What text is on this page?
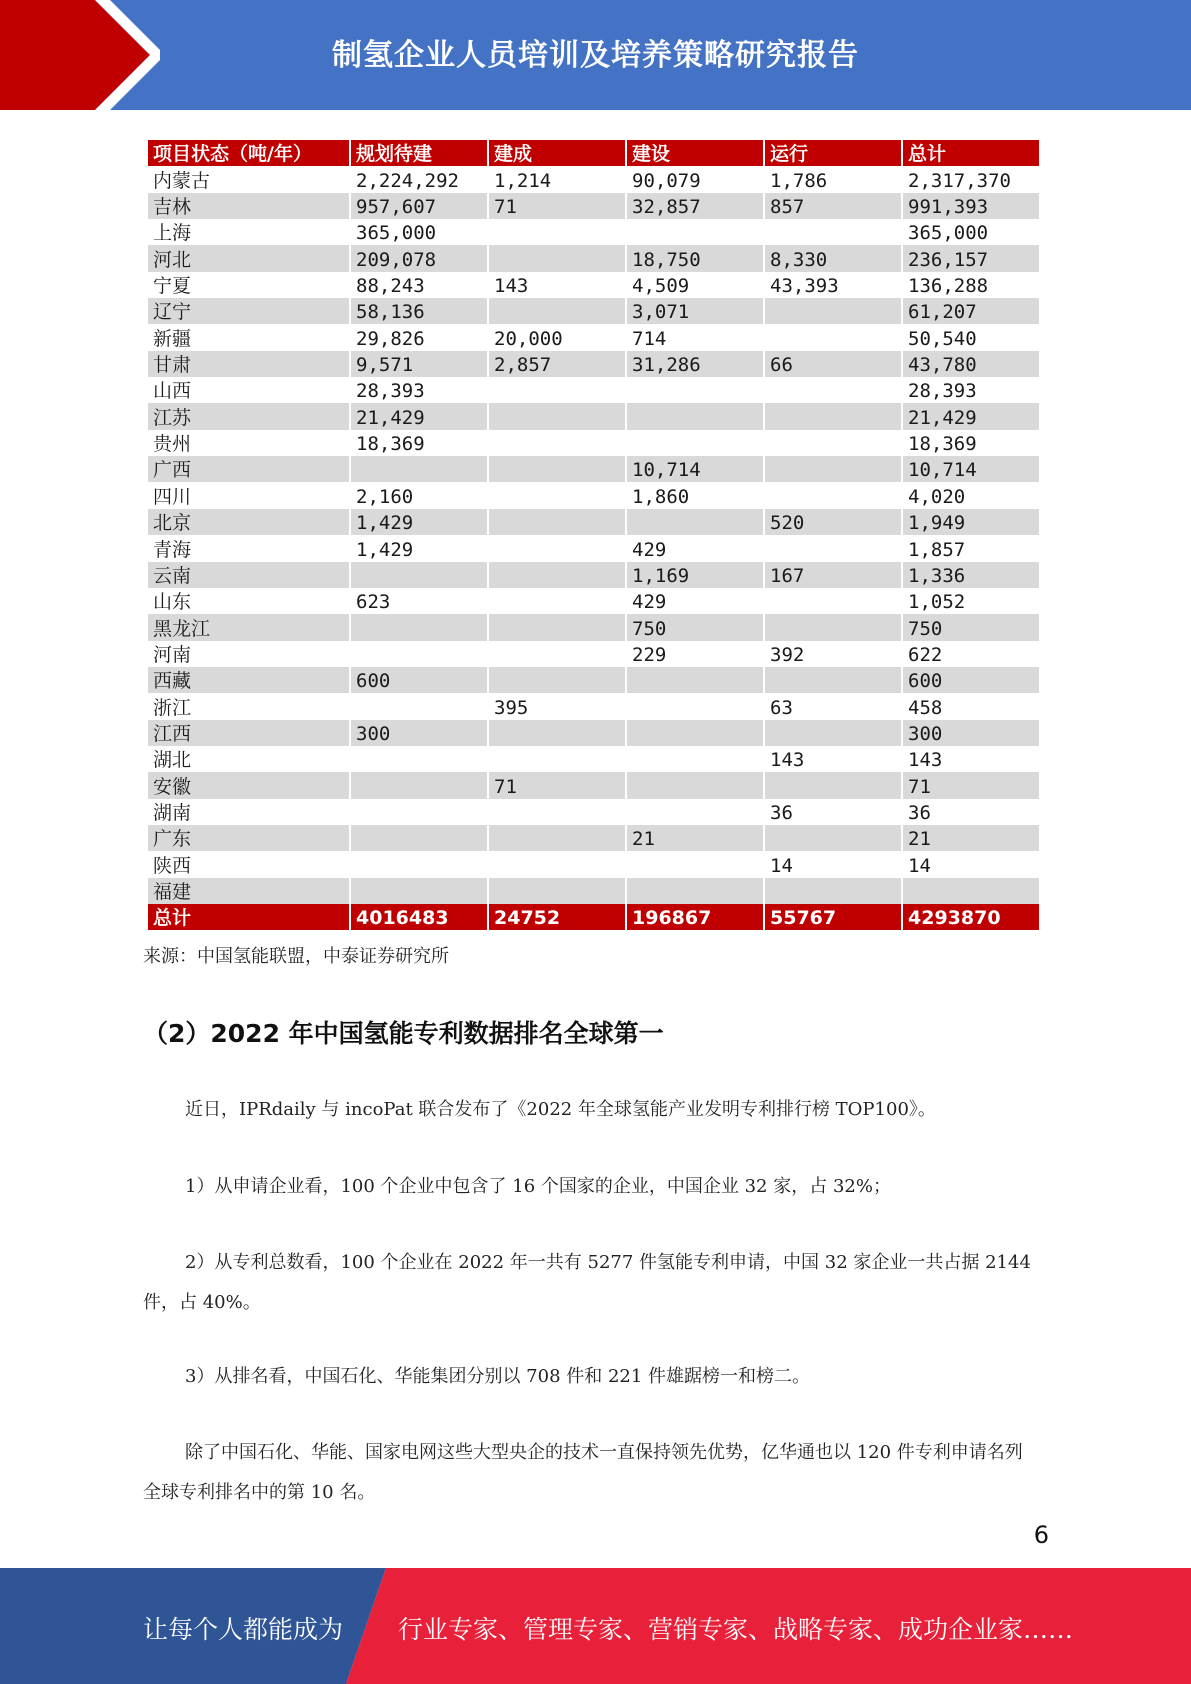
制氢企业人员培训及培养策略研究报告
项目状态（吨/年）	规划待建	建成	建设	运行	总计
内蒙古	2,224,292	1,214	90,079	1,786	2,317,370
吉林	957,607	71	32,857	857	991,393
上海	365,000				365,000
河北	209,078		18,750	8,330	236,157
宁夏	88,243	143	4,509	43,393	136,288
辽宁	58,136		3,071		61,207
新疆	29,826	20,000	714		50,540
甘肃	9,571	2,857	31,286	66	43,780
山西	28,393				28,393
江苏	21,429				21,429
贵州	18,369				18,369
广西			10,714		10,714
四川	2,160		1,860		4,020
北京	1,429			520	1,949
青海	1,429		429		1,857
云南			1,169	167	1,336
山东	623		429		1,052
黑龙江			750		750
河南			229	392	622
西藏	600				600
浙江		395		63	458
江西	300				300
湖北				143	143
安徽		71			71
湖南				36	36
广东			21		21
陕西				14	14
福建					
总计	4016483	24752	196867	55767	4293870
来源：中国氢能联盟，中泰证券研究所
（2）2022 年中国氢能专利数据排名全球第一

近日，IPRdaily 与 incoPat 联合发布了《2022 年全球氢能产业发明专利排行榜 TOP100》。

1）从申请企业看，100 个企业中包含了 16 个国家的企业，中国企业 32 家，占 32%；

2）从专利总数看，100 个企业在 2022 年一共有 5277 件氢能专利申请，中国 32 家企业一共占据 2144 件，占 40%。

3）从排名看，中国石化、华能集团分别以 708 件和 221 件雄踞榜一和榜二。

除了中国石化、华能、国家电网这些大型央企的技术一直保持领先优势，亿华通也以 120 件专利申请名列全球专利排名中的第 10 名。

6
让每个人都能成为 行业专家、管理专家、营销专家、战略专家、成功企业家……
